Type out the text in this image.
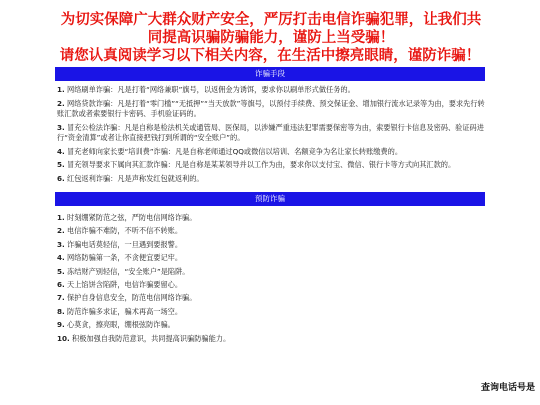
为切实保障广大群众财产安全，严厉打击电信诈骗犯罪，让我们共同提高识骗防骗能力，谨防上当受骗！
请您认真阅读学习以下相关内容，在生活中擦亮眼睛，谨防诈骗！
诈骗手段
1. 网络刷单诈骗：凡是打着“网络兼职”旗号，以返佣金为诱饵，要求你以刷单形式做任务的。
2. 网络贷款诈骗：凡是打着“零门槛”“无抵押”“当天放款”等旗号，以预付手续费、预交保证金、增加银行流水记录等为由，要求先行转账汇款或者索要银行卡密码、手机验证码的。
3. 冒充公检法诈骗：凡是自称是检法机关或通管局、医保局，以涉嫌严重违法犯罪需要保密等为由，索要银行卡信息及密码、验证码进行“资金清算”或者让你直接把钱打到所谓的“安全账户”的。
4. 冒充老师向家长要“培训费”诈骗：凡是自称老师通过QQ或微信以培训、名额竞争为名让家长转账缴费的。
5. 冒充领导要求下属向其汇款诈骗：凡是自称是某某领导并以工作为由，要求你以支付宝、微信、银行卡等方式向其汇款的。
6. 红包返利诈骗：凡是声称发红包就返利的。
预防诈骗
1. 时刻绷紧防范之弦，严防电信网络诈骗。
2. 电信诈骗不难防，不听不信不转账。
3. 诈骗电话莫轻信，一旦遇到要报警。
4. 网络防骗第一条，不贪便宜要记牢。
5. 冻结财产别轻信，“安全账户”是陷阱。
6. 天上馅饼含陷阱，电信诈骗要留心。
7. 保护自身信息安全，防范电信网络诈骗。
8. 防范诈骗多求证，骗术再高一场空。
9. 心莫贪，擦亮眼，绷根弦防诈骗。
10. 积极加强自我防范意识，共同提高识骗防骗能力。
查询电话号是
